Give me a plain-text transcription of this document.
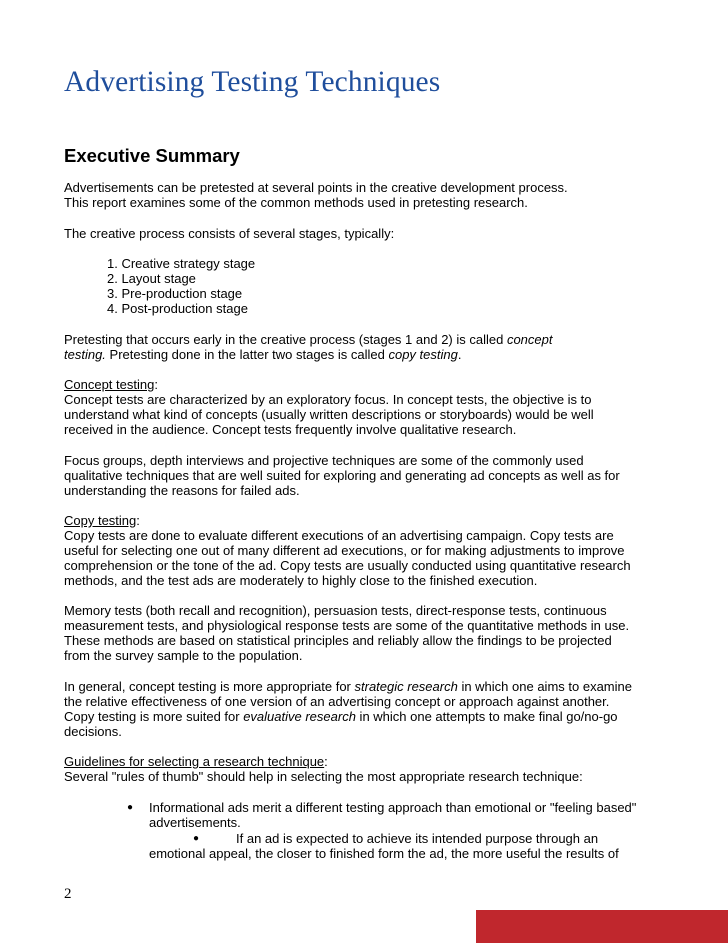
Advertising Testing Techniques
Executive Summary

Advertisements can be pretested at several points in the creative development process.

This report examines some of the common methods used in pretesting research.

The creative process consists of several stages, typically:

1. Creative strategy stage

2. Layout stage

3. Pre-production stage

4. Post-production stage

Pretesting that occurs early in the creative process (stages 1 and 2) is called concept

testing. Pretesting done in the latter two stages is called copy testing.

Concept testing:

Concept tests are characterized by an exploratory focus. In concept tests, the objective is to

understand what kind of concepts (usually written descriptions or storyboards) would be well

received in the audience. Concept tests frequently involve qualitative research.

Focus groups, depth interviews and projective techniques are some of the commonly used

qualitative techniques that are well suited for exploring and generating ad concepts as well as for

understanding the reasons for failed ads.

Copy testing:

Copy tests are done to evaluate different executions of an advertising campaign. Copy tests are

useful for selecting one out of many different ad executions, or for making adjustments to improve

comprehension or the tone of the ad. Copy tests are usually conducted using quantitative research

methods, and the test ads are moderately to highly close to the finished execution.

Memory tests (both recall and recognition), persuasion tests, direct-response tests, continuous

measurement tests, and physiological response tests are some of the quantitative methods in use.

These methods are based on statistical principles and reliably allow the findings to be projected

from the survey sample to the population.

In general, concept testing is more appropriate for strategic research in which one aims to examine

the relative effectiveness of one version of an advertising concept or approach against another.

Copy testing is more suited for evaluative research in which one attempts to make final go/no-go

decisions.

Guidelines for selecting a research technique:

Several "rules of thumb" should help in selecting the most appropriate research technique:

● Informational ads merit a different testing approach than emotional or "feeling based"

advertisements.

●	If an ad is expected to achieve its intended purpose through an

emotional appeal, the closer to finished form the ad, the more useful the results of

2
